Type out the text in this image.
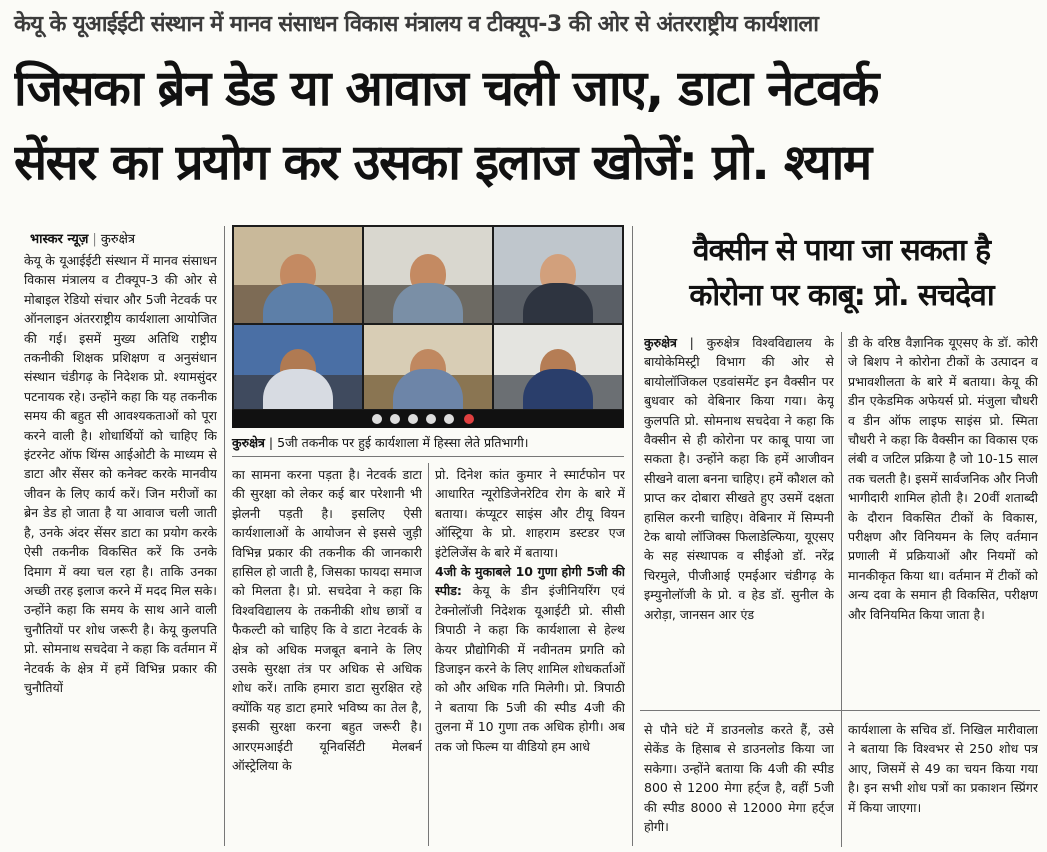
केयू के यूआईईटी संस्थान में मानव संसाधन विकास मंत्रालय व टीक्यूप-3 की ओर से अंतरराष्ट्रीय कार्यशाला
जिसका ब्रेन डेड या आवाज चली जाए, डाटा नेटवर्क
सेंसर का प्रयोग कर उसका इलाज खोजें: प्रो. श्याम
भास्कर न्यूज़ | कुरुक्षेत्र
केयू के यूआईईटी संस्थान में मानव संसाधन विकास मंत्रालय व टीक्यूप-3 की ओर से मोबाइल रेडियो संचार और 5जी नेटवर्क पर ऑनलाइन अंतरराष्ट्रीय कार्यशाला आयोजित की गई। इसमें मुख्य अतिथि राष्ट्रीय तकनीकी शिक्षक प्रशिक्षण व अनुसंधान संस्थान चंडीगढ़ के निदेशक प्रो. श्यामसुंदर पटनायक रहे। उन्होंने कहा कि यह तकनीक समय की बहुत सी आवश्यकताओं को पूरा करने वाली है। शोधार्थियों को चाहिए कि इंटरनेट ऑफ थिंग्स आईओटी के माध्यम से डाटा और सेंसर को कनेक्ट करके मानवीय जीवन के लिए कार्य करें। जिन मरीजों का ब्रेन डेड हो जाता है या आवाज चली जाती है, उनके अंदर सेंसर डाटा का प्रयोग करके ऐसी तकनीक विकसित करें कि उनके दिमाग में क्या चल रहा है। ताकि उनका अच्छी तरह इलाज करने में मदद मिल सके। उन्होंने कहा कि समय के साथ आने वाली चुनौतियों पर शोध जरूरी है। केयू कुलपति प्रो. सोमनाथ सचदेवा ने कहा कि वर्तमान में नेटवर्क के क्षेत्र में हमें विभिन्न प्रकार की चुनौतियों
कुरुक्षेत्र | 5जी तकनीक पर हुई कार्यशाला में हिस्सा लेते प्रतिभागी।
का सामना करना पड़ता है। नेटवर्क डाटा की सुरक्षा को लेकर कई बार परेशानी भी झेलनी पड़ती है। इसलिए ऐसी कार्यशालाओं के आयोजन से इससे जुड़ी विभिन्न प्रकार की तकनीक की जानकारी हासिल हो जाती है, जिसका फायदा समाज को मिलता है। प्रो. सचदेवा ने कहा कि विश्वविद्यालय के तकनीकी शोध छात्रों व फैकल्टी को चाहिए कि वे डाटा नेटवर्क के क्षेत्र को अधिक मजबूत बनाने के लिए उसके सुरक्षा तंत्र पर अधिक से अधिक शोध करें। ताकि हमारा डाटा सुरक्षित रहे क्योंकि यह डाटा हमारे भविष्य का तेल है, इसकी सुरक्षा करना बहुत जरूरी है। आरएमआईटी यूनिवर्सिटी मेलबर्न ऑस्ट्रेलिया के
प्रो. दिनेश कांत कुमार ने स्मार्टफोन पर आधारित न्यूरोडिजेनरेटिव रोग के बारे में बताया। कंप्यूटर साइंस और टीयू वियन ऑस्ट्रिया के प्रो. शाहराम डस्टडर एज इंटेलिजेंस के बारे में बताया।
4जी के मुकाबले 10 गुणा होगी 5जी की स्पीड: केयू के डीन इंजीनियरिंग एवं टेक्नोलॉजी निदेशक यूआईटी प्रो. सीसी त्रिपाठी ने कहा कि कार्यशाला से हेल्थ केयर प्रौद्योगिकी में नवीनतम प्रगति को डिजाइन करने के लिए शामिल शोधकर्ताओं को और अधिक गति मिलेगी। प्रो. त्रिपाठी ने बताया कि 5जी की स्पीड 4जी की तुलना में 10 गुणा तक अधिक होगी। अब तक जो फिल्म या वीडियो हम आधे
वैक्सीन से पाया जा सकता है
कोरोना पर काबू: प्रो. सचदेवा
कुरुक्षेत्र | कुरुक्षेत्र विश्वविद्यालय के बायोकेमिस्ट्री विभाग की ओर से बायोलॉजिकल एडवांसमेंट इन वैक्सीन पर बुधवार को वेबिनार किया गया। केयू कुलपति प्रो. सोमनाथ सचदेवा ने कहा कि वैक्सीन से ही कोरोना पर काबू पाया जा सकता है। उन्होंने कहा कि हमें आजीवन सीखने वाला बनना चाहिए। हमें कौशल को प्राप्त कर दोबारा सीखते हुए उसमें दक्षता हासिल करनी चाहिए। वेबिनार में सिम्पनी टेक बायो लॉजिक्स फिलाडेल्फिया, यूएसए के सह संस्थापक व सीईओ डॉ. नरेंद्र चिरमुले, पीजीआई एमईआर चंडीगढ़ के इम्युनोलॉजी के प्रो. व हेड डॉ. सुनील के अरोड़ा, जानसन आर एंड
डी के वरिष्ठ वैज्ञानिक यूएसए के डॉ. कोरी जे बिशप ने कोरोना टीकों के उत्पादन व प्रभावशीलता के बारे में बताया। केयू की डीन एकेडमिक अफेयर्स प्रो. मंजुला चौधरी व डीन ऑफ लाइफ साइंस प्रो. स्मिता चौधरी ने कहा कि वैक्सीन का विकास एक लंबी व जटिल प्रक्रिया है जो 10-15 साल तक चलती है। इसमें सार्वजनिक और निजी भागीदारी शामिल होती है। 20वीं शताब्दी के दौरान विकसित टीकों के विकास, परीक्षण और विनियमन के लिए वर्तमान प्रणाली में प्रक्रियाओं और नियमों को मानकीकृत किया था। वर्तमान में टीकों को अन्य दवा के समान ही विकसित, परीक्षण और विनियमित किया जाता है।
से पौने घंटे में डाउनलोड करते हैं, उसे सेकेंड के हिसाब से डाउनलोड किया जा सकेगा। उन्होंने बताया कि 4जी की स्पीड 800 से 1200 मेगा हर्ट्ज है, वहीं 5जी की स्पीड 8000 से 12000 मेगा हर्ट्ज होगी।
कार्यशाला के सचिव डॉ. निखिल मारीवाला ने बताया कि विश्वभर से 250 शोध पत्र आए, जिसमें से 49 का चयन किया गया है। इन सभी शोध पत्रों का प्रकाशन स्प्रिंगर में किया जाएगा।
